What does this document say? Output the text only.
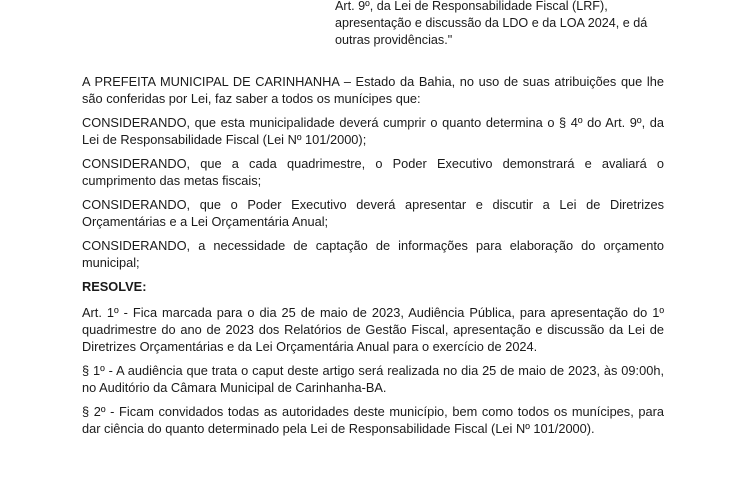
Art. 9º, da Lei de Responsabilidade Fiscal (LRF), apresentação e discussão da LDO e da LOA 2024, e dá outras providências."

A PREFEITA MUNICIPAL DE CARINHANHA – Estado da Bahia, no uso de suas atribuições que lhe são conferidas por Lei, faz saber a todos os munícipes que:

CONSIDERANDO, que esta municipalidade deverá cumprir o quanto determina o § 4º do Art. 9º, da Lei de Responsabilidade Fiscal (Lei Nº 101/2000);

CONSIDERANDO, que a cada quadrimestre, o Poder Executivo demonstrará e avaliará o cumprimento das metas fiscais;

CONSIDERANDO, que o Poder Executivo deverá apresentar e discutir a Lei de Diretrizes Orçamentárias e a Lei Orçamentária Anual;

CONSIDERANDO, a necessidade de captação de informações para elaboração do orçamento municipal;

RESOLVE:

Art. 1º - Fica marcada para o dia 25 de maio de 2023, Audiência Pública, para apresentação do 1º quadrimestre do ano de 2023 dos Relatórios de Gestão Fiscal, apresentação e discussão da Lei de Diretrizes Orçamentárias e da Lei Orçamentária Anual para o exercício de 2024.

§ 1º - A audiência que trata o caput deste artigo será realizada no dia 25 de maio de 2023, às 09:00h, no Auditório da Câmara Municipal de Carinhanha-BA.

§ 2º - Ficam convidados todas as autoridades deste município, bem como todos os munícipes, para dar ciência do quanto determinado pela Lei de Responsabilidade Fiscal (Lei Nº 101/2000).
